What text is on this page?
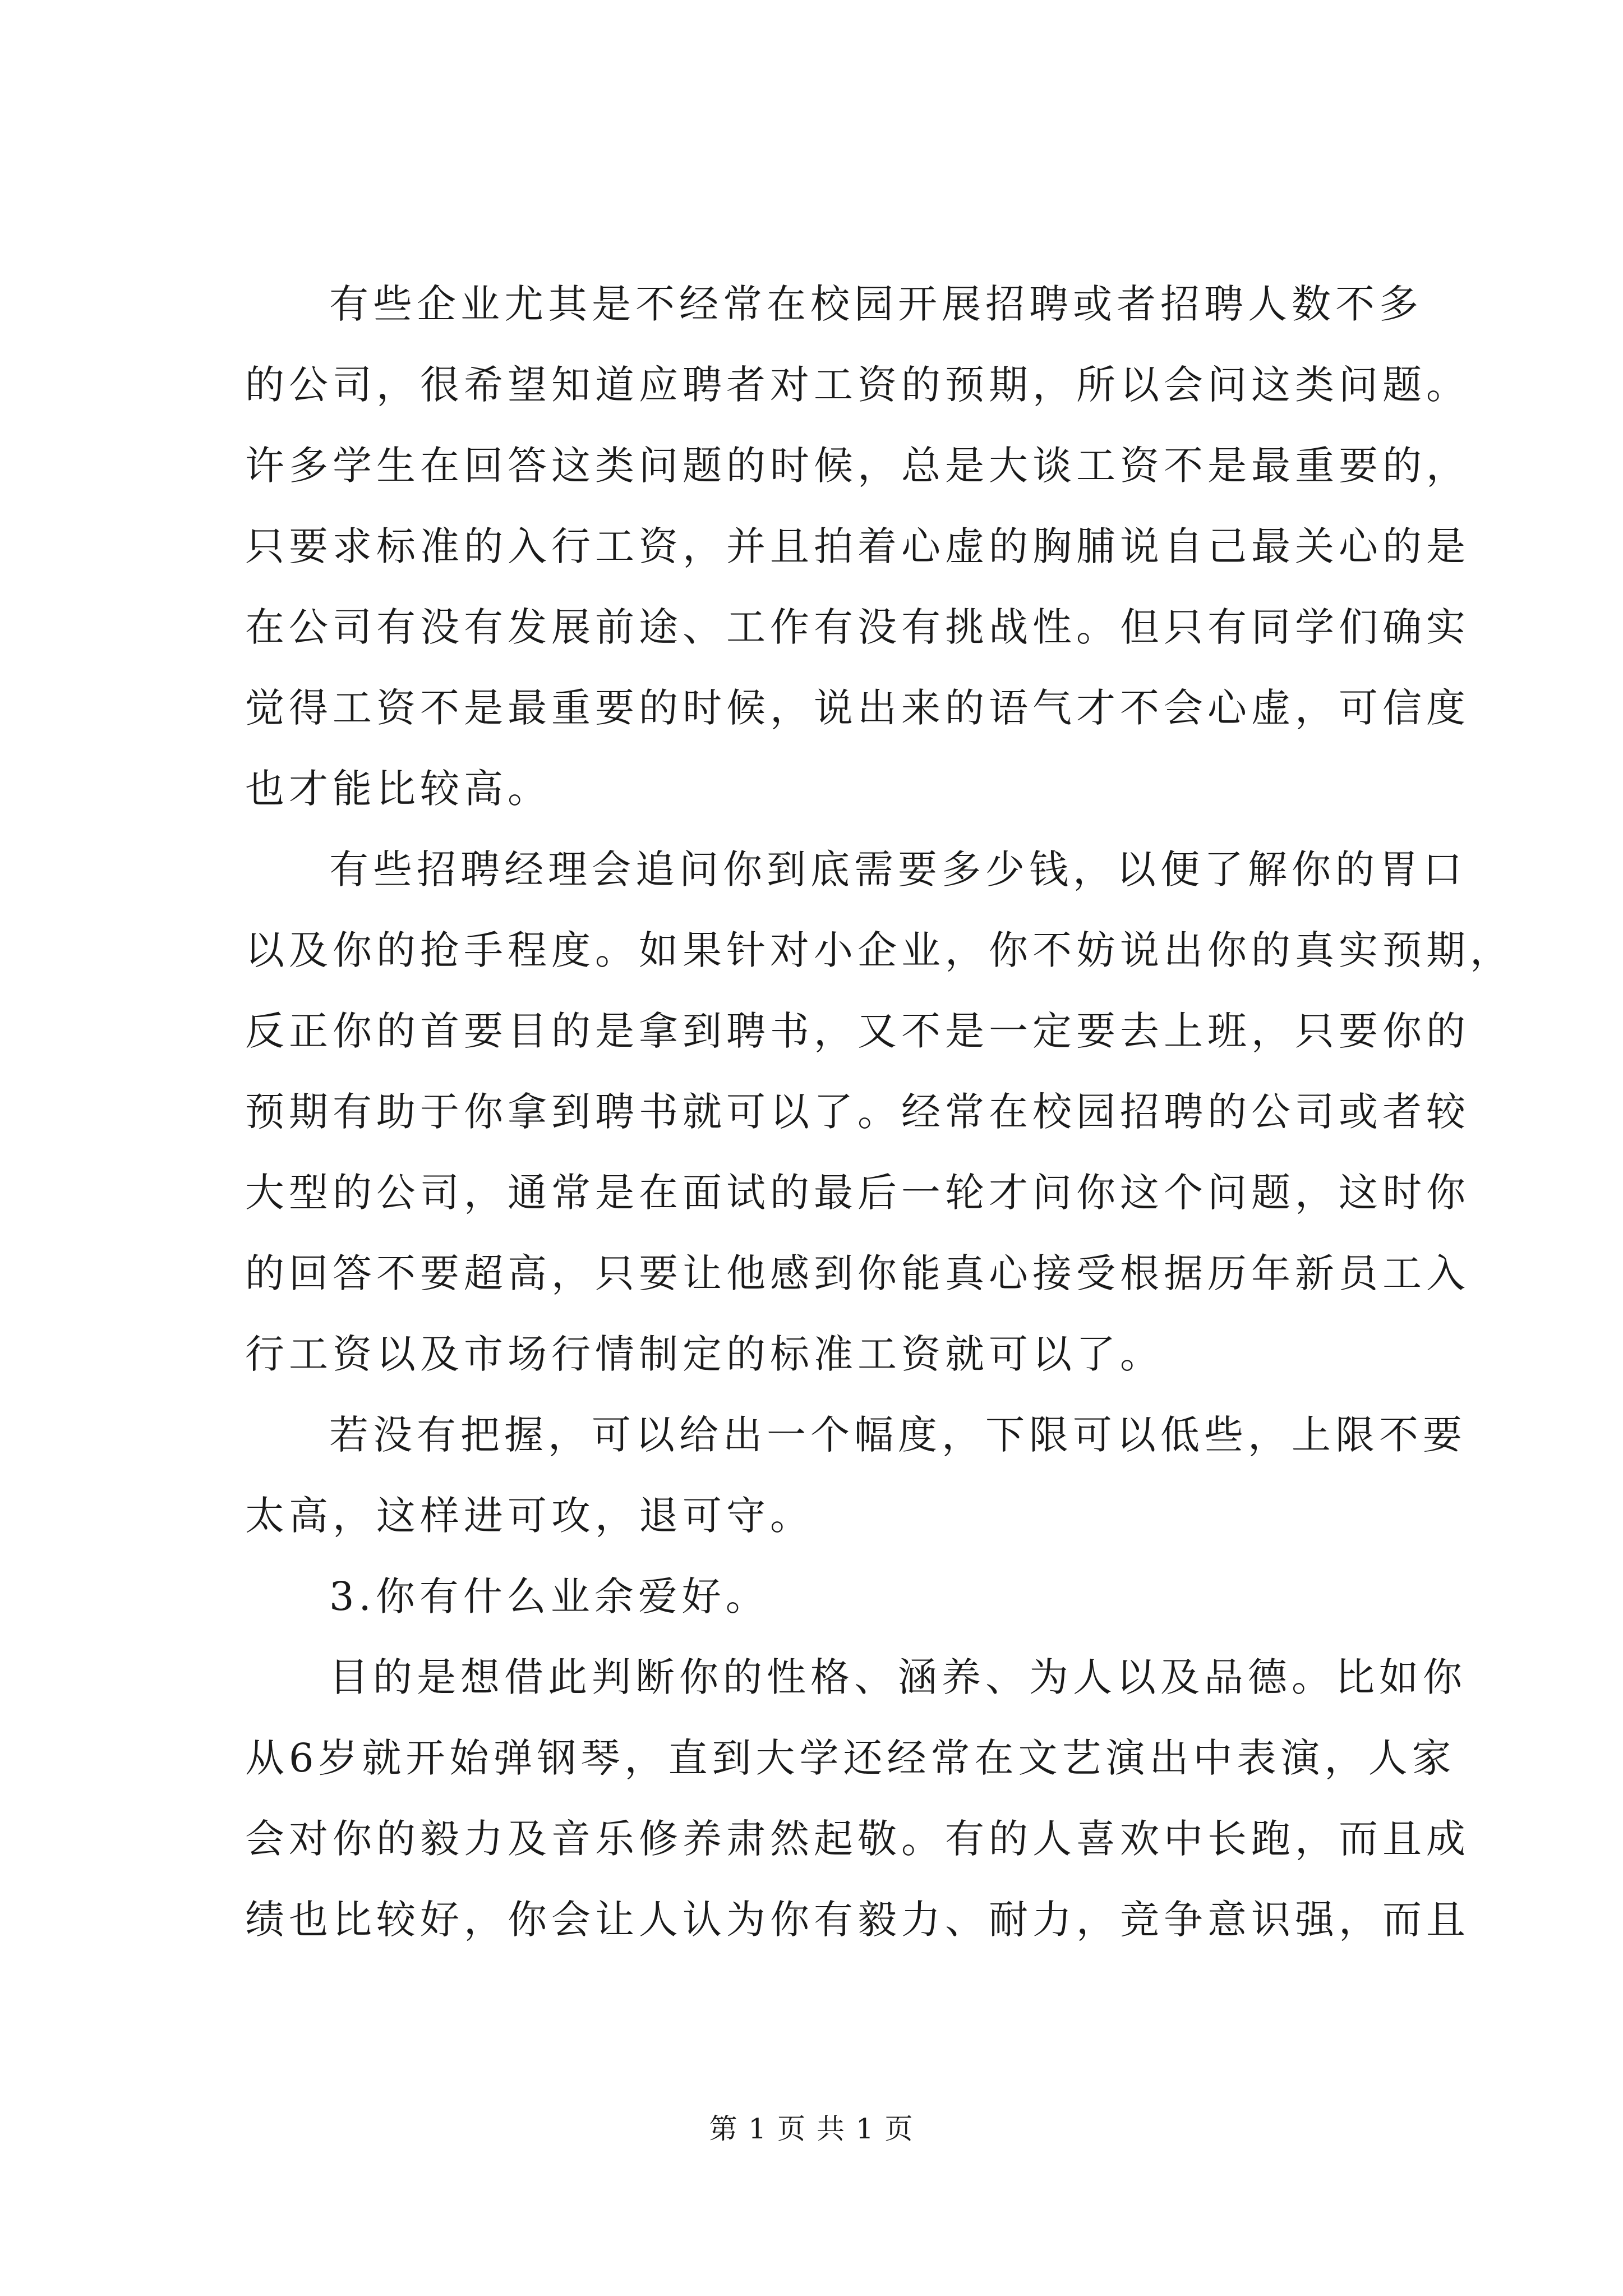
有些企业尤其是不经常在校园开展招聘或者招聘人数不多
的公司，很希望知道应聘者对工资的预期，所以会问这类问题。
许多学生在回答这类问题的时候，总是大谈工资不是最重要的，
只要求标准的入行工资，并且拍着心虚的胸脯说自己最关心的是
在公司有没有发展前途、工作有没有挑战性。但只有同学们确实
觉得工资不是最重要的时候，说出来的语气才不会心虚，可信度
也才能比较高。
有些招聘经理会追问你到底需要多少钱，以便了解你的胃口
以及你的抢手程度。如果针对小企业，你不妨说出你的真实预期，
反正你的首要目的是拿到聘书，又不是一定要去上班，只要你的
预期有助于你拿到聘书就可以了。经常在校园招聘的公司或者较
大型的公司，通常是在面试的最后一轮才问你这个问题，这时你
的回答不要超高，只要让他感到你能真心接受根据历年新员工入
行工资以及市场行情制定的标准工资就可以了。
若没有把握，可以给出一个幅度，下限可以低些，上限不要
太高，这样进可攻，退可守。
3.你有什么业余爱好。
目的是想借此判断你的性格、涵养、为人以及品德。比如你
从6岁就开始弹钢琴，直到大学还经常在文艺演出中表演，人家
会对你的毅力及音乐修养肃然起敬。有的人喜欢中长跑，而且成
绩也比较好，你会让人认为你有毅力、耐力，竞争意识强，而且
第 1 页 共 1 页
